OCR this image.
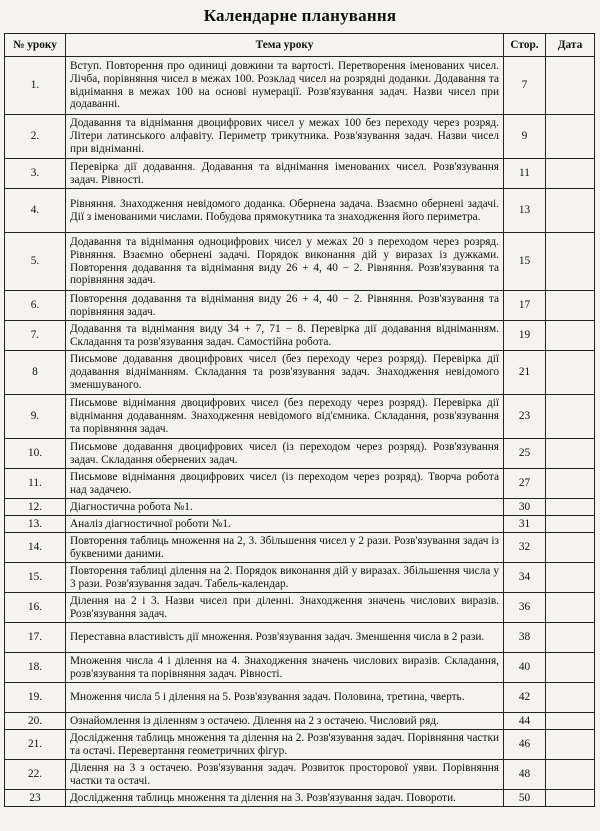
Календарне планування
№ уроку	Тема уроку	Стор.	Дата
1.	Вступ. Повторення про одиниці довжини та вартості. Перетворення іменованих чисел. Лічба, порівняння чисел в межах 100. Розклад чисел на розрядні доданки. Додавання та віднімання в межах 100 на основі нумерації. Розв'язування задач. Назви чисел при додаванні.	7	
2.	Додавання та віднімання двоцифрових чисел у межах 100 без переходу через розряд. Літери латинського алфавіту. Периметр трикутника. Розв'язування задач. Назви чисел при відніманні.	9	
3.	Перевірка дії додавання. Додавання та віднімання іменованих чисел. Розв'язування задач. Рівності.	11	
4.	Рівняння. Знаходження невідомого доданка. Обернена задача. Взаємно обернені задачі. Дії з іменованими числами. Побудова прямокутника та знаходження його периметра.	13	
5.	Додавання та віднімання одноцифрових чисел у межах 20 з переходом через розряд. Рівняння. Взаємно обернені задачі. Порядок виконання дій у виразах із дужками. Повторення додавання та віднімання виду 26 + 4, 40 − 2. Рівняння. Розв'язування та порівняння задач.	15	
6.	Повторення додавання та віднімання виду 26 + 4, 40 − 2. Рівняння. Розв'язування та порівняння задач.	17	
7.	Додавання та віднімання виду 34 + 7, 71 − 8. Перевірка дії додавання відніманням. Складання та розв'язування задач. Самостійна робота.	19	
8	Письмове додавання двоцифрових чисел (без переходу через розряд). Перевірка дії додавання відніманням. Складання та розв'язування задач. Знаходження невідомого зменшуваного.	21	
9.	Письмове віднімання двоцифрових чисел (без переходу через розряд). Перевірка дії віднімання додаванням. Знаходження невідомого від'ємника. Складання, розв'язування та порівняння задач.	23	
10.	Письмове додавання двоцифрових чисел (із переходом через розряд). Розв'язування задач. Складання обернених задач.	25	
11.	Письмове віднімання двоцифрових чисел (із переходом через розряд). Творча робота над задачею.	27	
12.	Діагностична робота №1.	30	
13.	Аналіз діагностичної роботи №1.	31	
14.	Повторення таблиць множення на 2, 3. Збільшення чисел у 2 рази. Розв'язування задач із буквеними даними.	32	
15.	Повторення таблиці ділення на 2. Порядок виконання дій у виразах. Збільшення числа у 3 рази. Розв'язування задач. Табель-календар.	34	
16.	Ділення на 2 і 3. Назви чисел при діленні. Знаходження значень числових виразів. Розв'язування задач.	36	
17.	Переставна властивість дії множення. Розв'язування задач. Зменшення числа в 2 рази.	38	
18.	Множення числа 4 і ділення на 4. Знаходження значень числових виразів. Складання, розв'язування та порівняння задач. Рівності.	40	
19.	Множення числа 5 і ділення на 5. Розв'язування задач. Половина, третина, чверть.	42	
20.	Ознайомлення із діленням з остачею. Ділення на 2 з остачею. Числовий ряд.	44	
21.	Дослідження таблиць множення та ділення на 2. Розв'язування задач. Порівняння частки та остачі. Перевертання геометричних фігур.	46	
22.	Ділення на 3 з остачею. Розв'язування задач. Розвиток просторової уяви. Порівняння частки та остачі.	48	
23	Дослідження таблиць множення та ділення на 3. Розв'язування задач. Повороти.	50	
